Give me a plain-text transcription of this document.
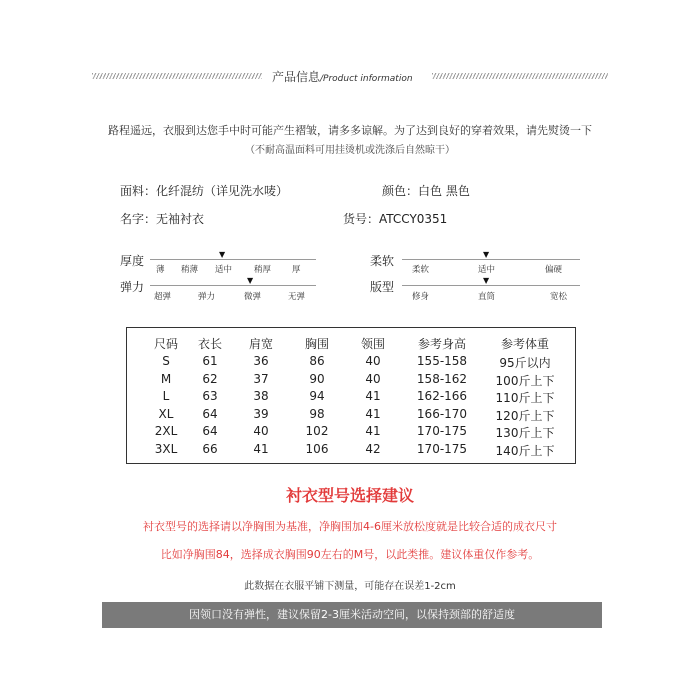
产品信息/Product information
路程遥远，衣服到达您手中时可能产生褶皱，请多多谅解。为了达到良好的穿着效果，请先熨烫一下
（不耐高温面料可用挂烫机或洗涤后自然晾干）
面料：化纤混纺（详见洗水唛）	颜色：白色 黑色
名字：无袖衬衣	货号：ATCCY0351
厚度	▼
薄 稍薄 适中	稍厚 厚
弹力	▼
超弹	弹力	微弹	无弹
柔软	▼
柔软	适中	偏硬
版型	▼
修身	直筒	宽松
尺码	衣长	肩宽	胸围	领围	参考身高	参考体重
S	61	36	86	40	155-158	95斤以内
M	62	37	90	40	158-162	100斤上下
L	63	38	94	41	162-166	110斤上下
XL	64	39	98	41	166-170	120斤上下
2XL	64	40	102	41	170-175	130斤上下
3XL	66	41	106	42	170-175	140斤上下
衬衣型号选择建议
衬衣型号的选择请以净胸围为基准，净胸围加4-6厘米放松度就是比较合适的成衣尺寸
比如净胸围84，选择成衣胸围90左右的M号，以此类推。建议体重仅作参考。
此数据在衣服平铺下测量，可能存在误差1-2cm
因领口没有弹性，建议保留2-3厘米活动空间，以保持颈部的舒适度
